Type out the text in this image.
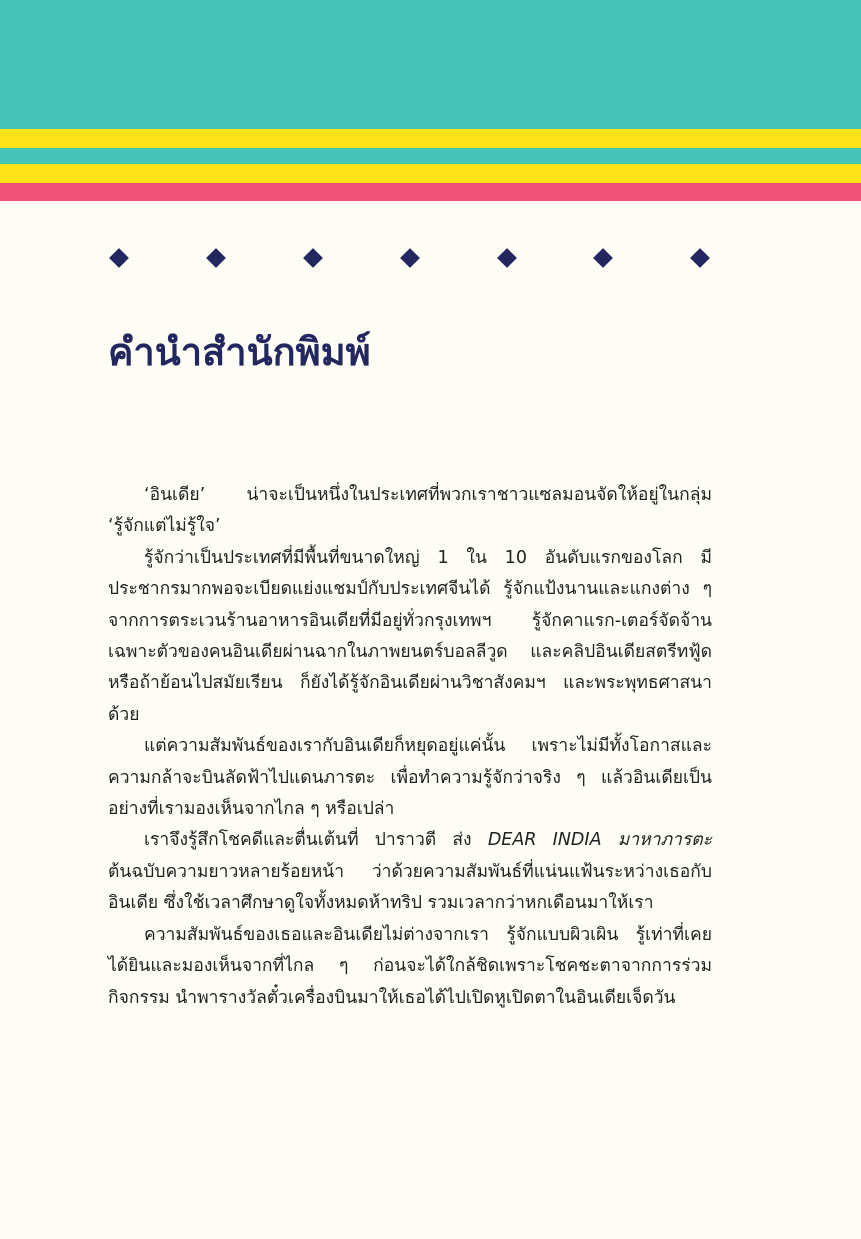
คำนำสำนักพิมพ์

‘อินเดีย’ น่าจะเป็นหนึ่งในประเทศที่พวกเราชาวแซลมอนจัดให้อยู่ในกลุ่ม ‘รู้จักแต่ไม่รู้ใจ’

รู้จักว่าเป็นประเทศที่มีพื้นที่ขนาดใหญ่ 1 ใน 10 อันดับแรกของโลก มีประชากรมากพอจะเบียดแย่งแชมป์กับประเทศจีนได้ รู้จักแป้งนานและแกงต่าง ๆ จากการตระเวนร้านอาหารอินเดียที่มีอยู่ทั่วกรุงเทพฯ รู้จักคาแรก-เตอร์จัดจ้านเฉพาะตัวของคนอินเดียผ่านฉากในภาพยนตร์บอลลีวูด และคลิปอินเดียสตรีทฟู้ด หรือถ้าย้อนไปสมัยเรียน ก็ยังได้รู้จักอินเดียผ่านวิชาสังคมฯ และพระพุทธศาสนาด้วย

แต่ความสัมพันธ์ของเรากับอินเดียก็หยุดอยู่แค่นั้น เพราะไม่มีทั้งโอกาสและความกล้าจะบินลัดฟ้าไปแดนภารตะ เพื่อทำความรู้จักว่าจริง ๆ แล้วอินเดียเป็นอย่างที่เรามองเห็นจากไกล ๆ หรือเปล่า

เราจึงรู้สึกโชคดีและตื่นเต้นที่ ปาราวตี ส่ง DEAR INDIA มาหาภารตะ ต้นฉบับความยาวหลายร้อยหน้า ว่าด้วยความสัมพันธ์ที่แน่นแฟ้นระหว่างเธอกับอินเดีย ซึ่งใช้เวลาศึกษาดูใจทั้งหมดห้าทริป รวมเวลากว่าหกเดือนมาให้เรา

ความสัมพันธ์ของเธอและอินเดียไม่ต่างจากเรา รู้จักแบบผิวเผิน รู้เท่าที่เคยได้ยินและมองเห็นจากที่ไกล ๆ ก่อนจะได้ใกล้ชิดเพราะโชคชะตาจากการร่วมกิจกรรม นำพารางวัลตั๋วเครื่องบินมาให้เธอได้ไปเปิดหูเปิดตาในอินเดียเจ็ดวัน
